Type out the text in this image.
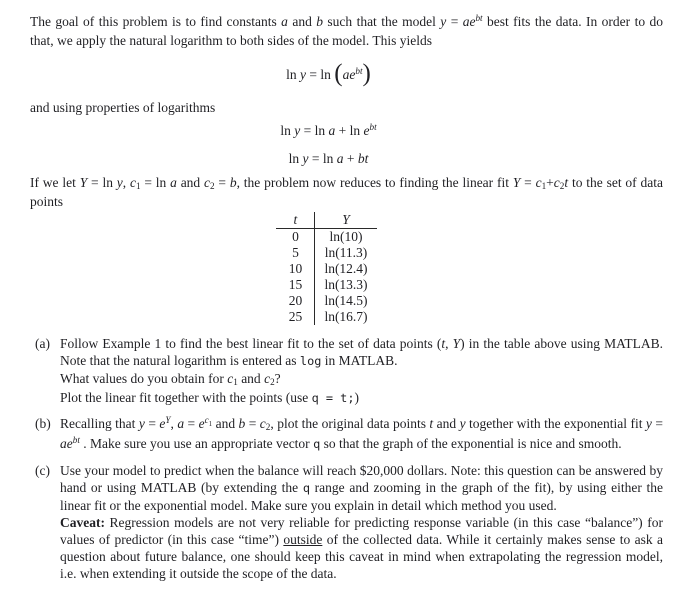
The goal of this problem is to find constants a and b such that the model $y = ae^{bt}$ best fits the data. In order to do that, we apply the natural logarithm to both sides of the model. This yields

$\ln y = \ln (ae^{bt})$

and using properties of logarithms

$\ln y = \ln a + \ln e^{bt}$
ln y = ln a + bt

If we let Y = ln y, c1 = ln a and c2 = b, the problem now reduces to finding the linear fit Y = c1+c2t to the set of data points

t	Y
0	ln(10)
5	ln(11.3)
10	ln(12.4)
15	ln(13.3)
20	ln(14.5)
25	ln(16.7)
(a) Follow Example 1 to find the best linear fit to the set of data points (t, Y) in the table above using MATLAB. Note that the natural logarithm is entered as log in MATLAB.

What values do you obtain for c1 and c2?

Plot the linear fit together with the points (use q = t;)

(b) Recalling that $y = e^Y$, $a = e^c1$ and b = c2, plot the original data points t and y together with the exponential fit $y = ae^{bt}$ . Make sure you use an appropriate vector q so that the graph of the exponential is nice and smooth.

(c) Use your model to predict when the balance will reach $20,000 dollars. Note: this question can be answered by hand or using MATLAB (by extending the q range and zooming in the graph of the fit), by using either the linear fit or the exponential model. Make sure you explain in detail which method you used.

Caveat: Regression models are not very reliable for predicting response variable (in this case “balance”) for values of predictor (in this case “time”) outside of the collected data. While it certainly makes sense to ask a question about future balance, one should keep this caveat in mind when extrapolating the regression model, i.e. when extending it outside the scope of the data.
